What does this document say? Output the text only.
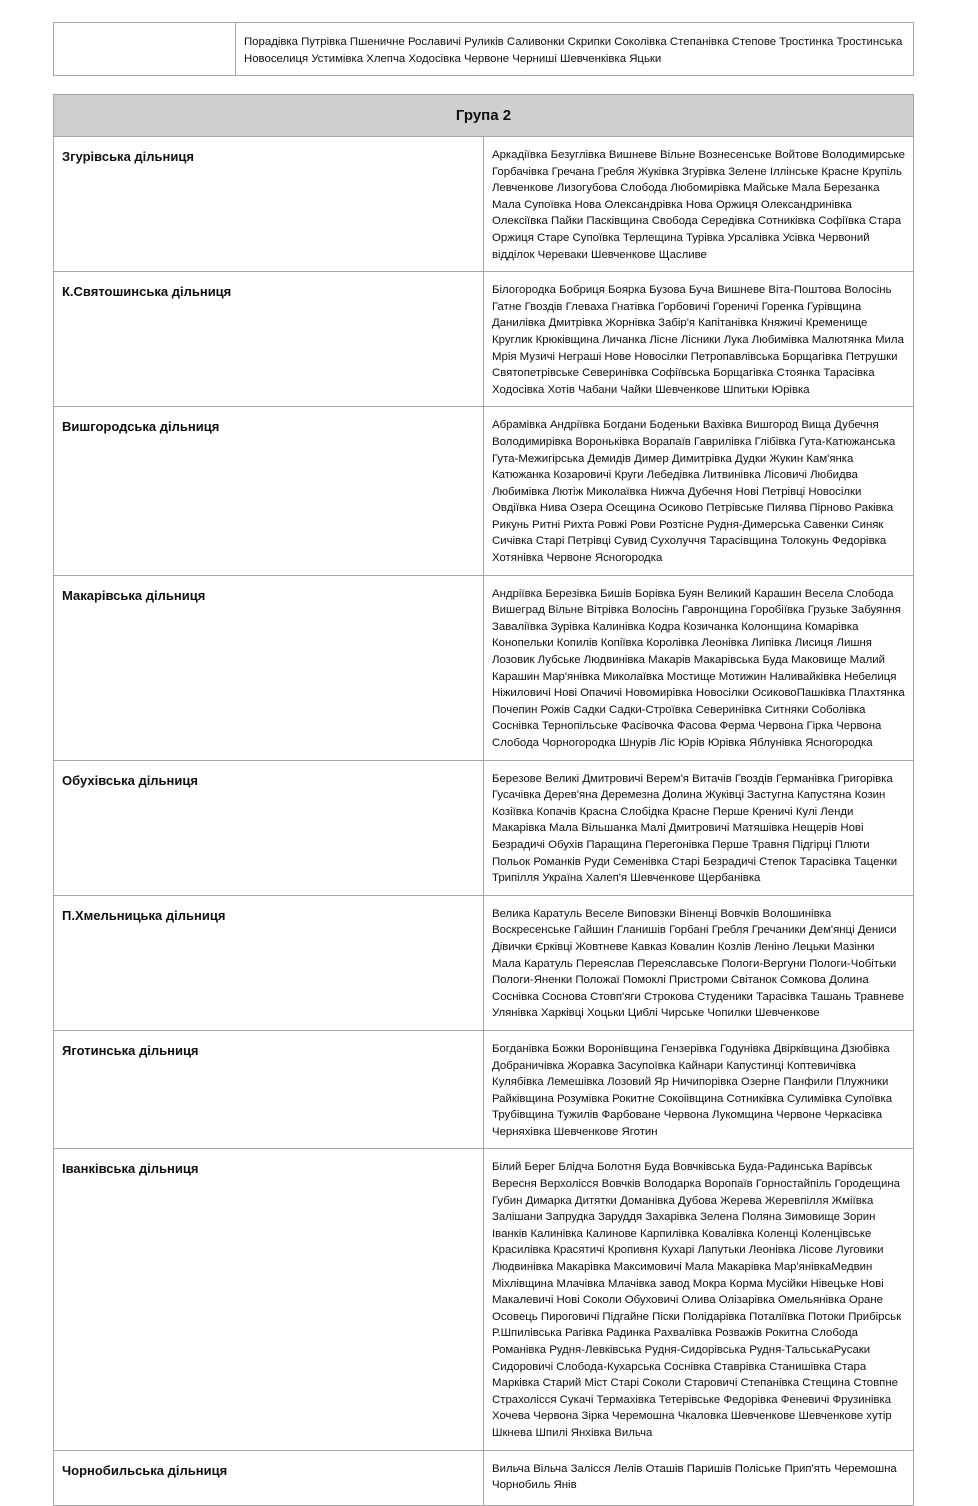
	Порадівка Путрівка Пшеничне Рославичі Руликів Саливонки Скрипки Соколівка Степанівка Степове Тростинка Тростинська Новоселиця Устимівка Хлепча Ходосівка Червоне Черниші Шевченківка Яцьки
Група 2	
Згурівська дільниця	Аркадіївка Безуглівка Вишневе Вільне Вознесенське Войтове Володимирське Горбачівка Гречана Гребля Жуківка Згурівка Зелене Іллінське Красне Крупіль Левченкове Лизогубова Слобода Любомирівка Майське Мала Березанка Мала Супоївка Нова Олександрівка Нова Оржиця Олександринівка Олексіївка Пайки Пасківщина Свобода Середівка Сотниківка Софіївка Стара Оржиця Старе Супоївка Терлещина Турівка Урсалівка Усівка Червоний відділок Череваки Шевченкове Щасливе
К.Святошинська дільниця	Білогородка Бобриця Боярка Бузова Буча Вишневе Віта-Поштова Волосінь Гатне Гвоздів Глеваха Гнатівка Горбовичі Гореничі Горенка Гурівщина Данилівка Дмитрівка Жорнівка Забір'я Капітанівка Княжичі Кременище Круглик Крюківщина Личанка Лісне Лісники Лука Любимівка Малютянка Мила Мрія Музичі Неграші Нове Новосілки Петропавлівська Борщагівка Петрушки Святопетрівське Северинівка Софіївська Борщагівка Стоянка Тарасівка Ходосівка Хотів Чабани Чайки Шевченкове Шпитьки Юрівка
Вишгородська дільниця	Абрамівка Андріївка Богдани Боденьки Вахівка Вишгород Вища Дубечня Володимирівка Воронькiвка Ворапаїв Гаврилівка Глібівка Гута-Катюжанська Гута-Межигірська Демидів Димер Димитрівка Дудки Жукин Кам'янка Катюжанка Козаровичі Круги Лебедівка Литвинівка Лісовичі Любидва Любимівка Лютіж Миколаївка Нижча Дубечня Нові Петрівці Новосілки Овдіївка Нива Озера Осещина Осиково Петрівське Пилява Пірново Раківка Рикунь Ритні Рихта Ровжі Рови Розтісне Рудня-Димерська Савенки Синяк Сичівка Старі Петрівці Сувид Сухолуччя Тарасівщина Толокунь Федорівка Хотянівка Червоне Ясногородка
Макарівська дільниця	Андріївка Березівка Бишів Борівка Буян Великий Карашин Весела Слобода Вишеград Вільне Вітрівка Волосінь Гавронщина Горобіївка Грузьке Забуяння Заваліївка Зурівка Калинівка Кодра Козичанка Колонщина Комарівка Конопельки Копилів Копіївка Королівка Леонівка Липівка Лисиця Лишня Лозовик Лубське Людвинівка Макарів Макарівська Буда Маковище Малий Карашин Мар'янівка Миколаївка Мостище Мотижин Наливайківка Небелиця Ніжиловичі Нові Опачичі Новомирівка Новосілки ОсиковоПашківка Плахтянка Почепин Рожів Садки Садки-Строївка Северинівка Ситняки Соболівка Соснівка Тернопільське Фасівочка Фасова Ферма Червона Гірка Червона Слобода Чорногородка Шнурів Ліс Юрів Юрівка Яблунівка Ясногородка
Обухівська дільниця	Березове Великі Дмитровичі Верем'я Витачів Гвоздів Германівка Григорівка Гусачівка Дерев'яна Деремезна Долина Жуківці Застугна Капустяна Козин Козіївка Копачів Красна Слобідка Красне Перше Креничі Кулі Ленди Макарівка Мала Вільшанка Малі Дмитровичі Матяшівка Нещерів Нові Безрадичі Обухів Паращина Перегонівка Перше Травня Підгірці Плюти Польок Романків Руди Семенівка Старі Безрадичі Степок Тарасівка Таценки Трипілля Україна Халеп'я Шевченкове Щербанівка
П.Хмельницька дільниця	Велика Каратуль Веселе Виповзки Віненці Вовчків Волошинівка Воскресенське Гайшин Гланишів Горбані Гребля Гречаники Дем'янці Дениси Дівички Єрківці Жовтневе Кавказ Ковалин Козлів Леніно Лецьки Мазінки Мала Каратуль Переяслав Переяславське Пологи-Вергуни Пологи-Чобітьки Пологи-Яненки Положаї Помоклі Пристроми Світанок Сомкова Долина Соснівка Соснова Стовп'яги Строкова Студеники Тарасівка Ташань Травневе Улянівка Харківці Хоцьки Циблі Чирське Чопилки Шевченкове
Яготинська дільниця	Богданівка Божки Воронівщина Гензерівка Годунівка Двірківщина Дзюбівка Добраничівка Жоравка Засупоївка Кайнари Капустинці Коптевичівка Кулябівка Лемешівка Лозовий Яр Ничипорівка Озерне Панфили Плужники Райківщина Розумівка Рокитне Сокоіівщина Сотниківка Сулимівка Супоївка Трубівщина Тужилів Фарбоване Червона Лукомщина Червоне Черкасівка Черняхівка Шевченкове Яготин
Іванківська дільниця	Білий Берег Блідча Болотня Буда Вовчківська Буда-Радинська Варівськ Вересня Верхолісся Вовчків Володарка Воропаїв Горностайпіль Городещина Губин Димарка Дитятки Доманівка Дубова Жерева Жеревпілля Жміївка Залішани Запрудка Заруддя Захарівка Зелена Поляна Зимовище Зорин Іванків Калинівка Калинове Карпилівка Ковалівка Коленці Коленцівське Красилівка Красятичі Кропивня Кухарі Лапутьки Леонівка Лісове Луговики Людвинівка Макарівка Максимовичі Мала Макарівка Мар'янівкаМедвин Міхлівщина Млачівка Млачівка завод Мокра Корма Мусійки Нівецьке Нові Макалевичі Нові Соколи Обуховичі Олива Олізарівка Омельянівка Оране Осовець Пироговичі Підгайне Піски Полідарівка Поталіївка Потоки Прибірськ Р.Шпилівська Рагівка Радинка Рахвалівка Розважів Рокитна Слобода Романівка Рудня-Левківська Рудня-Сидорівська Рудня-ТальськаРусаки Сидоровичі Слобода-Кухарська Соснівка Ставрівка Станишівка Стара Марківка Старий Міст Старі Соколи Старовичі Степанівка Стещина Стовпне Страхолісся Сукачі Термахівка Тетерівське Федорівка Феневичі Фрузинівка Хочева Червона Зірка Черемошна Чкаловка Шевченкове Шевченкове хутір Шкнева Шпилі Янхівка Вильча
Чорнобильська дільниця	Вильча Вільча Залісся Лелів Оташів Паришів Поліське Прип'ять Черемошна Чорнобиль Янів
